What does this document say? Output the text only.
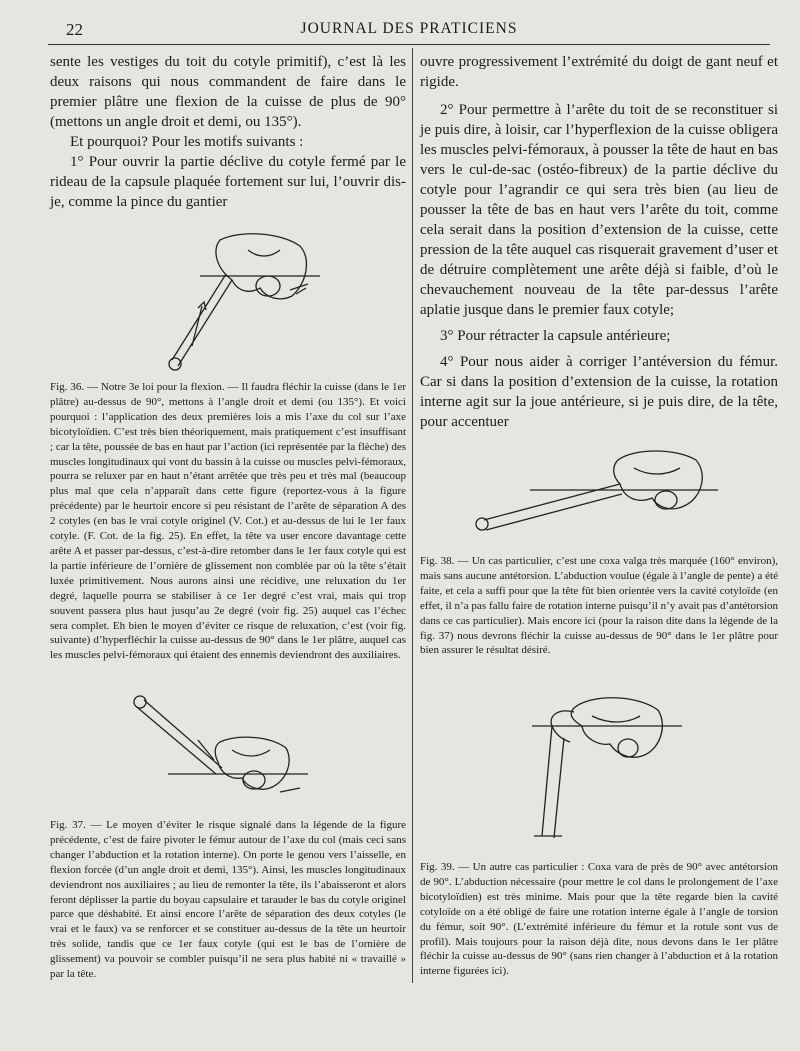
22	JOURNAL DES PRATICIENS

sente les vestiges du toit du cotyle primitif), c’est là les deux raisons qui nous commandent de faire dans le premier plâtre une flexion de la cuisse de plus de 90° (mettons un angle droit et demi, ou 135°).

Et pourquoi? Pour les motifs suivants :

1° Pour ouvrir la partie déclive du cotyle fermé par le rideau de la capsule plaquée fortement sur lui, l’ouvrir dis-je, comme la pince du gantier

Fig. 36. — Notre 3e loi pour la flexion. — Il faudra fléchir la cuisse (dans le 1er plâtre) au-dessus de 90°, mettons à l’angle droit et demi (ou 135°). Et voici pourquoi : l’application des deux premières lois a mis l’axe du col sur l’axe bicotyloïdien. C’est très bien théoriquement, mais pratiquement c’est insuffisant ; car la tête, poussée de bas en haut par l’action (ici représentée par la flèche) des muscles longitudinaux qui vont du bassin à la cuisse ou muscles pelvi-fémoraux, pourra se reluxer par en haut n’étant arrêtée que très peu et très mal (beaucoup plus mal que cela n’apparaît dans cette figure (reportez-vous à la figure précédente) par le heurtoir encore si peu résistant de l’arête de séparation A des 2 cotyles (en bas le vrai cotyle originel (V. Cot.) et au-dessus de lui le 1er faux cotyle. (F. Cot. de la fig. 25). En effet, la tête va user encore davantage cette arête A et passer par-dessus, c’est-à-dire retomber dans le 1er faux cotyle qui est la partie inférieure de l’ornière de glissement non comblée par où la tête s’était luxée primitivement. Nous aurons ainsi une récidive, une reluxation du 1er degré, laquelle pourra se stabiliser à ce 1er degré c’est vrai, mais qui trop souvent passera plus haut jusqu’au 2e degré (voir fig. 25) auquel cas l’échec sera complet. Eh bien le moyen d’éviter ce risque de reluxation, c’est (voir fig. suivante) d’hyperfléchir la cuisse au-dessus de 90° dans le 1er plâtre, auquel cas les muscles pelvi-fémoraux qui étaient des ennemis deviendront des auxiliaires.

Fig. 37. — Le moyen d’éviter le risque signalé dans la légende de la figure précédente, c’est de faire pivoter le fémur autour de l’axe du col (mais ceci sans changer l’abduction et la rotation interne). On porte le genou vers l’aisselle, en flexion forcée (d’un angle droit et demi, 135°). Ainsi, les muscles longitudinaux deviendront nos auxiliaires ; au lieu de remonter la tête, ils l’abaisseront et alors feront déplisser la partie du boyau capsulaire et tarauder le bas du cotyle originel parce que déshabité. Et ainsi encore l’arête de séparation des deux cotyles (le vrai et le faux) va se renforcer et se constituer au-dessus de la tête un heurtoir très solide, tandis que ce 1er faux cotyle (qui est le bas de l’ornière de glissement) va pouvoir se combler puisqu’il ne sera plus habité ni « travaillé » par la tête.

ouvre progressivement l’extrémité du doigt de gant neuf et rigide.

2° Pour permettre à l’arête du toit de se reconstituer si je puis dire, à loisir, car l’hyperflexion de la cuisse obligera les muscles pelvi-fémoraux, à pousser la tête de haut en bas vers le cul-de-sac (ostéo-fibreux) de la partie déclive du cotyle pour l’agrandir ce qui sera très bien (au lieu de pousser la tête de bas en haut vers l’arête du toit, comme cela serait dans la position d’extension de la cuisse, cette pression de la tête auquel cas risquerait gravement d’user et de détruire complètement une arête déjà si faible, d’où le chevauchement nouveau de la tête par-dessus l’arête aplatie jusque dans le premier faux cotyle;

3° Pour rétracter la capsule antérieure;

4° Pour nous aider à corriger l’antéversion du fémur. Car si dans la position d’extension de la cuisse, la rotation interne agit sur la joue antérieure, si je puis dire, de la tête, pour accentuer

Fig. 38. — Un cas particulier, c’est une coxa valga très marquée (160° environ), mais sans aucune antétorsion. L’abduction voulue (égale à l’angle de pente) a été faite, et cela a suffi pour que la tête fût bien orientée vers la cavité cotyloïde (en effet, il n’a pas fallu faire de rotation interne puisqu’il n’y avait pas d’antétorsion dans ce cas particulier). Mais encore ici (pour la raison dite dans la légende de la fig. 37) nous devrons fléchir la cuisse au-dessus de 90° dans le 1er plâtre pour bien assurer le résultat désiré.

Fig. 39. — Un autre cas particulier : Coxa vara de près de 90° avec antétorsion de 90°. L’abduction nécessaire (pour mettre le col dans le prolongement de l’axe bicotyloïdien) est très minime. Mais pour que la tête regarde bien la cavité cotyloïde on a été obligé de faire une rotation interne égale à l’angle de torsion du fémur, soit 90°. (L’extrémité inférieure du fémur et la rotule sont vus de profil). Mais toujours pour la raison déjà dite, nous devons dans le 1er plâtre fléchir la cuisse au-dessus de 90° (sans rien changer à l’abduction et à la rotation interne figurées ici).
